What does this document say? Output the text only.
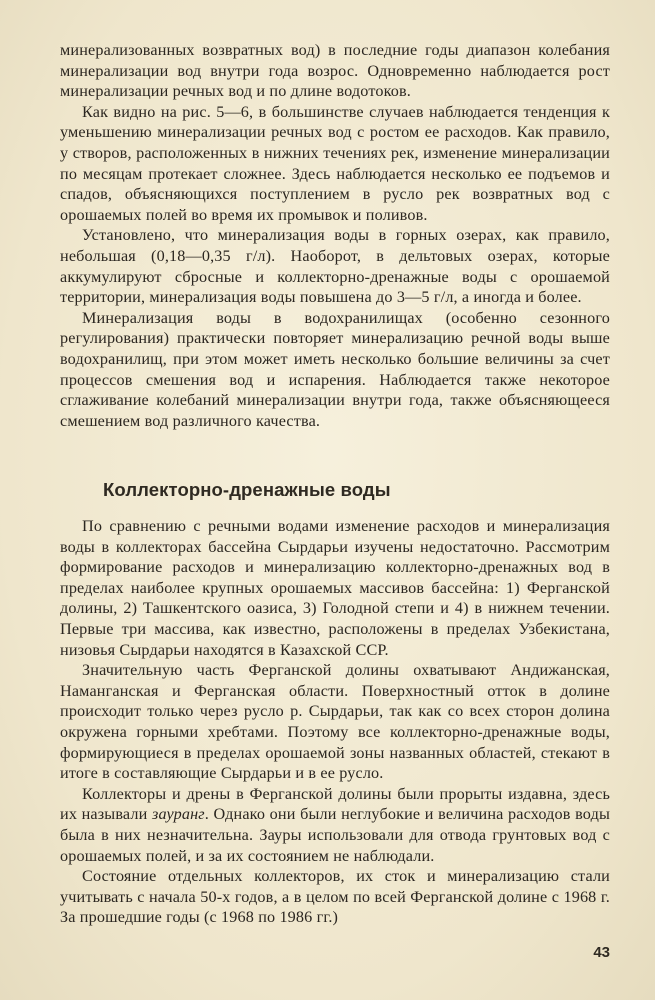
минерализованных возвратных вод) в последние годы диапазон колебания минерализации вод внутри года возрос. Одновременно наблюдается рост минерализации речных вод и по длине водотоков.

Как видно на рис. 5—6, в большинстве случаев наблюдается тенденция к уменьшению минерализации речных вод с ростом ее расходов. Как правило, у створов, расположенных в нижних течениях рек, изменение минерализации по месяцам протекает сложнее. Здесь наблюдается несколько ее подъемов и спадов, объясняющихся поступлением в русло рек возвратных вод с орошаемых полей во время их промывок и поливов.

Установлено, что минерализация воды в горных озерах, как правило, небольшая (0,18—0,35 г/л). Наоборот, в дельтовых озерах, которые аккумулируют сбросные и коллекторно-дренажные воды с орошаемой территории, минерализация воды повышена до 3—5 г/л, а иногда и более.

Минерализация воды в водохранилищах (особенно сезонного регулирования) практически повторяет минерализацию речной воды выше водохранилищ, при этом может иметь несколько большие величины за счет процессов смешения вод и испарения. Наблюдается также некоторое сглаживание колебаний минерализации внутри года, также объясняющееся смешением вод различного качества.

Коллекторно-дренажные воды

По сравнению с речными водами изменение расходов и минерализация воды в коллекторах бассейна Сырдарьи изучены недостаточно. Рассмотрим формирование расходов и минерализацию коллекторно-дренажных вод в пределах наиболее крупных орошаемых массивов бассейна: 1) Ферганской долины, 2) Ташкентского оазиса, 3) Голодной степи и 4) в нижнем течении. Первые три массива, как известно, расположены в пределах Узбекистана, низовья Сырдарьи находятся в Казахской ССР.

Значительную часть Ферганской долины охватывают Андижанская, Наманганская и Ферганская области. Поверхностный отток в долине происходит только через русло р. Сырдарьи, так как со всех сторон долина окружена горными хребтами. Поэтому все коллекторно-дренажные воды, формирующиеся в пределах орошаемой зоны названных областей, стекают в итоге в составляющие Сырдарьи и в ее русло.

Коллекторы и дрены в Ферганской долины были прорыты издавна, здесь их называли зауранг. Однако они были неглубокие и величина расходов воды была в них незначительна. Зауры использовали для отвода грунтовых вод с орошаемых полей, и за их состоянием не наблюдали.

Состояние отдельных коллекторов, их сток и минерализацию стали учитывать с начала 50-х годов, а в целом по всей Ферганской долине с 1968 г. За прошедшие годы (с 1968 по 1986 гг.)

43
